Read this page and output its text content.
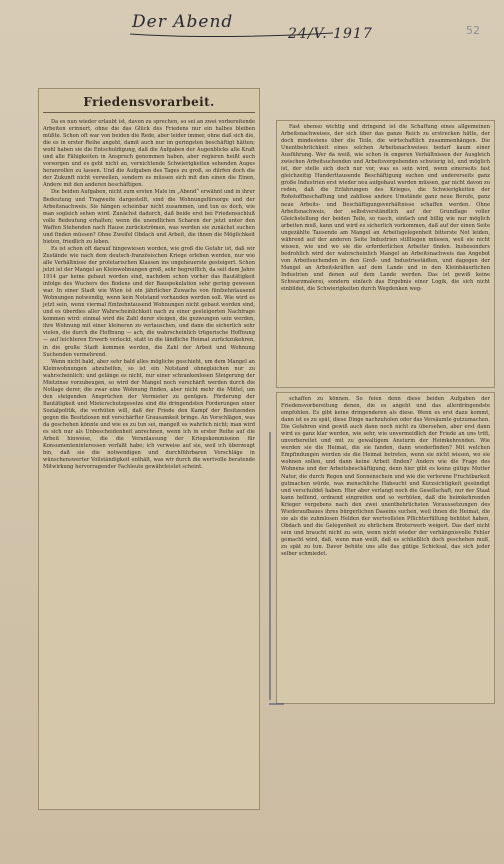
Der Abend
24/V. 1917	52
Friedensvorarbeit.

Da es nun wieder erlaubt ist, davon zu sprechen, so sei an zwei vorbereitende Arbeiten erinnert, ohne die das Glück des Friedens nur ein halbes bleiben müßte. Schon oft war von beiden die Rede, aber leider immer, ohne daß sich die, die es in erster Reihe angeht, damit auch nur im geringsten beschäftigt hätten; wohl haben sie die Entschuldigung, daß die Aufgaben der Augenblicks alle Kraft und alle Fähigkeiten in Anspruch genommen haben, aber regieren heißt auch vorsorgen und es geht nicht an, vernichtende Schwierigkeiten sehenden Auges heranrollen zu lassen. Und die Aufgaben des Tages zu groß, so dürfen doch die der Zukunft nicht verweilen, sondern es müssen sich mit den einen die Einen, Andere mit den anderen beschäftigen.

Die beiden Aufgaben, nicht zum ersten Male im „Abend“ erwähnt und in ihrer Bedeutung und Tragweite dargestellt, sind die Wohnungsfürsorge und der Arbeitsnachweis. Sie hängen scheinbar nicht zusammen, und tun es doch, wie man sogleich sehen wird. Zunächst dadurch, daß beide erst bei Friedensschluß volle Bedeutung erhalten; wenn die unendlichen Scharen der jetzt unter den Waffen Stehenden nach Hause zurückströmen, was werden sie zunächst suchen und finden müssen? Ohne Zweifel Obdach und Arbeit, die ihnen die Möglichkeit bieten, friedlich zu leben.

Es ist schon oft darauf hingewiesen worden, wie groß die Gefahr ist, daß wir Zustände wie nach dem deutsch-französischen Kriege erleben werden, nur wie alle Verhältnisse der proletarischen Klassen ins ungeheuerste gesteigert. Schon jetzt ist der Mangel an Kleinwohnungen groß, sehr begreiflich, da seit dem Jahre 1914 gar keine gebaut worden sind, nachdem schon vorher das Bautätigkeit infolge des Wuchers des Bodens und der Bauspekulation sehr gering gewesen war. In einer Stadt wie Wien ist ein jährlicher Zuwachs von fünfzehntausend Wohnungen notwendig, wenn kein Notstand vorhanden werden soll. Wie wird es jetzt sein, wenn viermal fünfzehntausend Wohnungen nicht gebaut worden sind, und es überdies aller Wahrscheinlichkeit nach zu einer gesteigerten Nachfrage kommen wird: einmal wird die Zahl derer steigen, die gezwungen sein werden, ihre Wohnung mit einer kleineren zu vertauschen, und dann die sicherlich sehr vielen, die durch die Hoffnung — ach, die wahrscheinlich trügerische Hoffnung — auf leichteren Erwerb verlockt, statt in die ländliche Heimat zurückzukehren, in die große Stadt kommen werden, die Zahl der Arbeit und Wohnung Suchenden vermehrend.

Wenn nicht bald, aber sehr bald alles mögliche geschieht, um dem Mangel an Kleinwohnungen abzuhelfen, so ist ein Notstand ohnegleichen nur zu wahrscheinlich; und gelänge es nicht, nur einer schrankenlosen Steigerung der Mietzinse vorzubeugen, so wird der Mangel noch verschärft werden durch die Notlage derer, die zwar eine Wohnung finden, aber nicht mehr die Mittel, um den steigenden Ansprüchen der Vermieter zu genügen. Förderung der Bautätigkeit und Mieterschutzgesetze sind die dringendsten Forderungen einer Sozialpolitik, die verhüten will, daß der Friede den Kampf der Besitzenden gegen die Besitzlosen mit verschärfter Grausamkeit bringe. An Vorschlägen, was da geschehen könnte und wie es zu tun sei, mangelt es wahrlich nicht; man wird es sich nur als Unbescheidenheit anrechnen, wenn ich in erster Reihe auf die Arbeit hinweise, die die Veranlassung der Kriegskommission für Konsumenteninteressen verfaßt habe; ich verweise auf sie, weil ich überzeugt bin, daß sie die notwendigen und durchführbaren Vorschläge in wünschenswerter Vollständigkeit enthält, was wir durch die wertvolle beratende Mitwirkung hervorragender Fachleute gewährleistet scheint.

Fast ebenso wichtig und dringend ist die Schaffung eines allgemeinen Arbeitsnachweises, der sich über das ganze Reich zu erstrecken hätte, der doch mindestens über die Teile, die wirtschaftlich zusammenhängen. Die Unentbehrlichkeit eines solchen Arbeitsnachweises bedarf kaum einer Ausführung. Wer da weiß, wie schon in engeren Verhältnissen der Ausgleich zwischen Arbeitsuchenden und Arbeitsvergebenden schwierig ist, und möglich ist, der stelle sich doch nur vor, was es sein wird, wenn einerseits fast gleichzeitig Hunderttausende Beschäftigung suchen und andererseits ganz große Industrien erst wieder neu aufgebaut werden müssen, gar nicht davon zu reden, daß die Erfahrungen des Krieges, die Schwierigkeiten der Rohstoffbeschaffung und zahllose andere Umstände ganz neue Berufe, ganz neue Arbeits- und Beschäftigungsverhältnisse schaffen werden. Ohne Arbeitsnachweis, der selbstverständlich auf der Grundlage voller Gleichstellung der beiden Teile, so rasch, einfach und billig wie nur möglich arbeiten muß, kann und wird es sicherlich vorkommen, daß auf der einen Seite ungezählte Tausende am Mangel an Arbeitsgelegenheit bitterste Not leiden, während auf der anderen Seite Industrien stillliegen müssen, weil sie nicht wissen, wie und wo sie die erforderlichen Arbeiter finden. Insbesonders bedrohlich wird der wahrscheinlich Mangel an Arbeitsnachweis das Angebot von Arbeitsuchenden in den Groß- und Industriestädten, und dagegen der Mangel an Arbeitskräften auf dem Lande und in den Kleinbäuerlichen Industrien und denen auf dem Lande werden. Das ist gewiß keine Schwarzmalerei, sondern einfach das Ergebnis einer Logik, die sich nicht einbildet, die Schwierigkeiten durch Wegdenken weg-

schaffen zu können. So feien denn diese beiden Aufgaben der Friedensvorbereitung denen, die es angeht und das allerdringendste empfohlen. Es gibt keine dringenderen als diese. Wenn es erst dazu kommt, dann ist es zu spät, diese Dinge nachzuholen oder das Versäumte gutzumachen. Die Gefahren sind gewiß auch dann noch nicht zu übersehen, aber erst dann wird es ganz klar werden, wie sehr, wie unvermeidlich der Friede an uns tritt, unvorbereitet und mit zu gewaltigem Ansturm der Heimkehrenden. Wie werden sie die Heimat, die sie fanden, dann wiederfinden? Mit welchen Empfindungen werden sie die Heimat betreten, wenn sie nicht wissen, wo sie wohnen sollen, und dann keine Arbeit finden? Anders wie die Frage des Wohnens und der Arbeitsbeschäftigung, denn hier gibt es keine gütige Mutter Natur, die durch Regen und Sonnenschein und wie die verlorene Fruchtbarkeit gutmachen würde, was menschliche Habsucht und Kurzsichtigkeit gesündigt und verschuldet haben. Hier aber verlangt noch die Gesellschaft, nur der Staat kann helfend, ordnend eingreifen und so verhüten, daß die heimkehrenden Krieger vergebens nach den zwei unentbehrlichsten Voraussetzungen des Wiederaufbaues ihres bürgerlichen Daseins suchen, weil ihnen die Heimat, die sie als die zuhmlosen Helden der wertvollsten Pflichterfüllung behütet haben, Obdach und die Gelegenheit zu ehrlichem Broterwerb weigert. Das darf nicht sein und braucht nicht zu sein, wenn nicht wieder der verhängnisvolle Fehler gemacht wird, daß, wenn man weiß, daß es schließlich doch geschehen muß, zu spät zu tun. Davor behüte uns alle das gütige Schicksal, das sich jeder selber schmiedet.
